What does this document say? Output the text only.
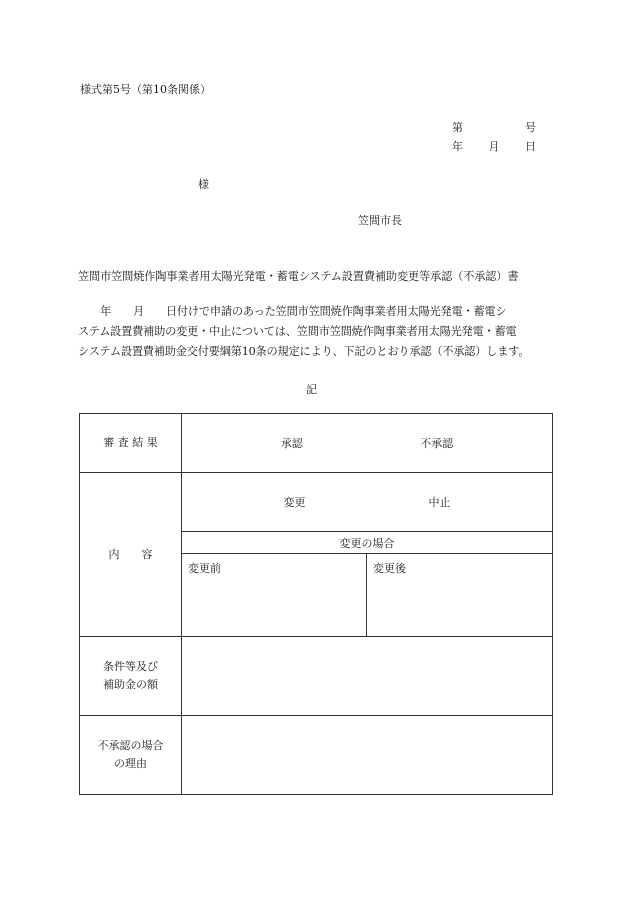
様式第5号（第10条関係）
第	号
年 月 日
様
笠間市長
笠間市笠間焼作陶事業者用太陽光発電・蓄電システム設置費補助変更等承認（不承認）書
　　年　　月　　日付けで申請のあった笠間市笠間焼作陶事業者用太陽光発電・蓄電シ
ステム設置費補助の変更・中止については、笠間市笠間焼作陶事業者用太陽光発電・蓄電
システム設置費補助金交付要綱第10条の規定により、下記のとおり承認（不承認）します。
記
審 査 結 果	承認 不承認	

内　　容	変更 中止	

	変更の場合	
	変更前	変更後

条件等及び
補助金の額		

不承認の場合
の理由		
